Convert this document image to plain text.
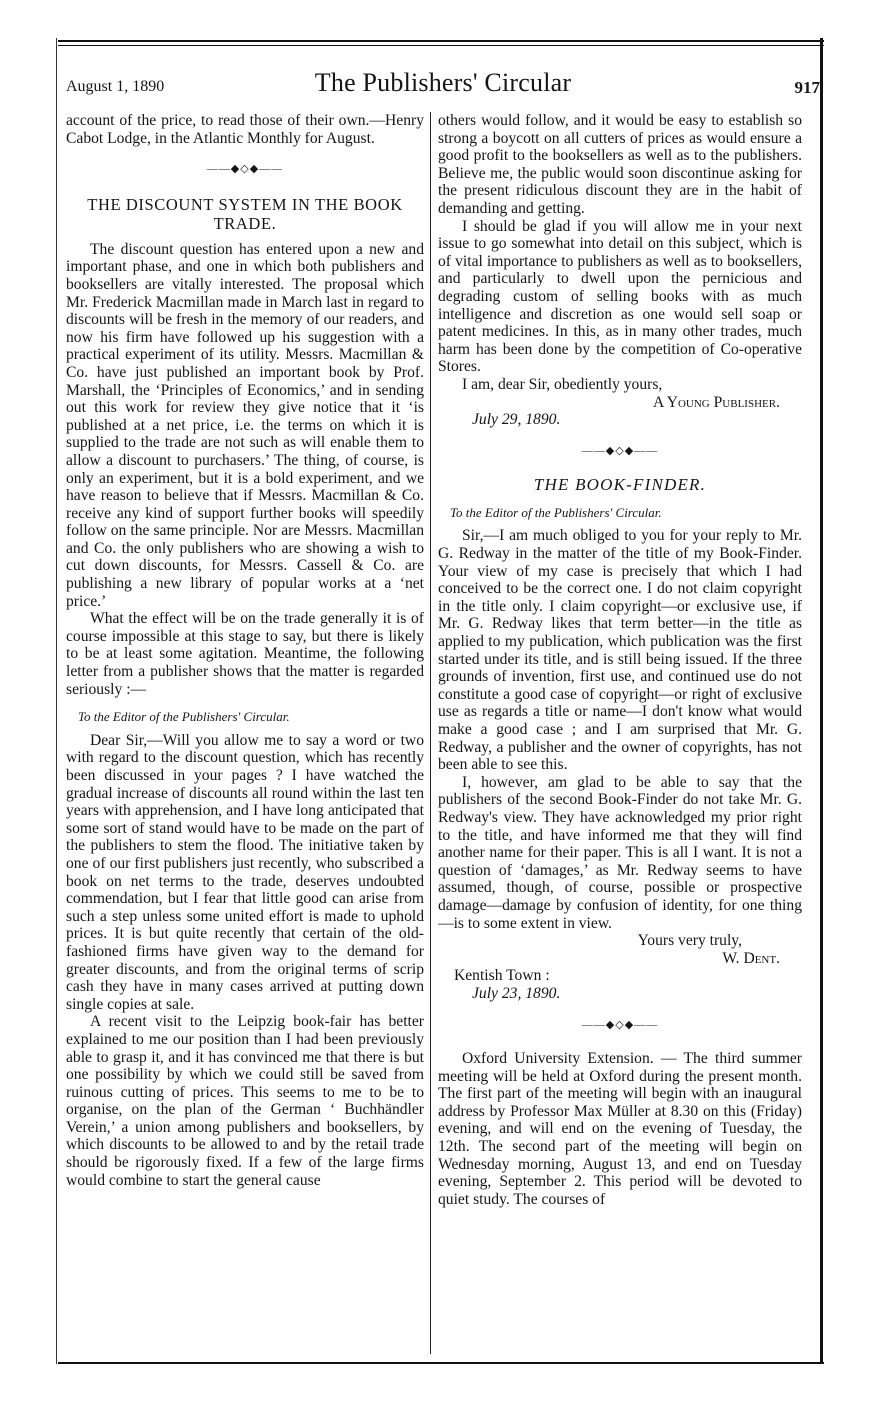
August 1, 1890	The Publishers' Circular	917

account of the price, to read those of their own.—Henry Cabot Lodge, in the Atlantic Monthly for August.

——◆◇◆——
THE DISCOUNT SYSTEM IN THE BOOK TRADE.

The discount question has entered upon a new and important phase, and one in which both publishers and booksellers are vitally interested. The proposal which Mr. Frederick Macmillan made in March last in regard to discounts will be fresh in the memory of our readers, and now his firm have followed up his suggestion with a practical experiment of its utility. Messrs. Macmillan & Co. have just published an important book by Prof. Marshall, the ‘Principles of Economics,’ and in sending out this work for review they give notice that it ‘is published at a net price, i.e. the terms on which it is supplied to the trade are not such as will enable them to allow a discount to purchasers.’ The thing, of course, is only an experiment, but it is a bold experiment, and we have reason to believe that if Messrs. Macmillan & Co. receive any kind of support further books will speedily follow on the same principle. Nor are Messrs. Macmillan and Co. the only publishers who are showing a wish to cut down discounts, for Messrs. Cassell & Co. are publishing a new library of popular works at a ‘net price.’

What the effect will be on the trade generally it is of course impossible at this stage to say, but there is likely to be at least some agitation. Meantime, the following letter from a publisher shows that the matter is regarded seriously :—

To the Editor of the Publishers' Circular.

Dear Sir,—Will you allow me to say a word or two with regard to the discount question, which has recently been discussed in your pages ? I have watched the gradual increase of discounts all round within the last ten years with apprehension, and I have long anticipated that some sort of stand would have to be made on the part of the publishers to stem the flood. The initiative taken by one of our first publishers just recently, who subscribed a book on net terms to the trade, deserves undoubted commendation, but I fear that little good can arise from such a step unless some united effort is made to uphold prices. It is but quite recently that certain of the old-fashioned firms have given way to the demand for greater discounts, and from the original terms of scrip cash they have in many cases arrived at putting down single copies at sale.

A recent visit to the Leipzig book-fair has better explained to me our position than I had been previously able to grasp it, and it has convinced me that there is but one possibility by which we could still be saved from ruinous cutting of prices. This seems to me to be to organise, on the plan of the German ‘ Buchhändler Verein,’ a union among publishers and booksellers, by which discounts to be allowed to and by the retail trade should be rigorously fixed. If a few of the large firms would combine to start the general cause

others would follow, and it would be easy to establish so strong a boycott on all cutters of prices as would ensure a good profit to the booksellers as well as to the publishers. Believe me, the public would soon discontinue asking for the present ridiculous discount they are in the habit of demanding and getting.

I should be glad if you will allow me in your next issue to go somewhat into detail on this subject, which is of vital importance to publishers as well as to booksellers, and particularly to dwell upon the pernicious and degrading custom of selling books with as much intelligence and discretion as one would sell soap or patent medicines. In this, as in many other trades, much harm has been done by the competition of Co-operative Stores.

I am, dear Sir, obediently yours,

A Young Publisher.

July 29, 1890.

——◆◇◆——
THE BOOK-FINDER.

To the Editor of the Publishers' Circular.

Sir,—I am much obliged to you for your reply to Mr. G. Redway in the matter of the title of my Book-Finder. Your view of my case is precisely that which I had conceived to be the correct one. I do not claim copyright in the title only. I claim copyright—or exclusive use, if Mr. G. Redway likes that term better—in the title as applied to my publication, which publication was the first started under its title, and is still being issued. If the three grounds of invention, first use, and continued use do not constitute a good case of copyright—or right of exclusive use as regards a title or name—I don't know what would make a good case ; and I am surprised that Mr. G. Redway, a publisher and the owner of copyrights, has not been able to see this.

I, however, am glad to be able to say that the publishers of the second Book-Finder do not take Mr. G. Redway's view. They have acknowledged my prior right to the title, and have informed me that they will find another name for their paper. This is all I want. It is not a question of ‘damages,’ as Mr. Redway seems to have assumed, though, of course, possible or prospective damage—damage by confusion of identity, for one thing—is to some extent in view.

Yours very truly,

W. Dent.

Kentish Town :

July 23, 1890.

——◆◇◆——

Oxford University Extension. — The third summer meeting will be held at Oxford during the present month. The first part of the meeting will begin with an inaugural address by Professor Max Müller at 8.30 on this (Friday) evening, and will end on the evening of Tuesday, the 12th. The second part of the meeting will begin on Wednesday morning, August 13, and end on Tuesday evening, September 2. This period will be devoted to quiet study. The courses of
